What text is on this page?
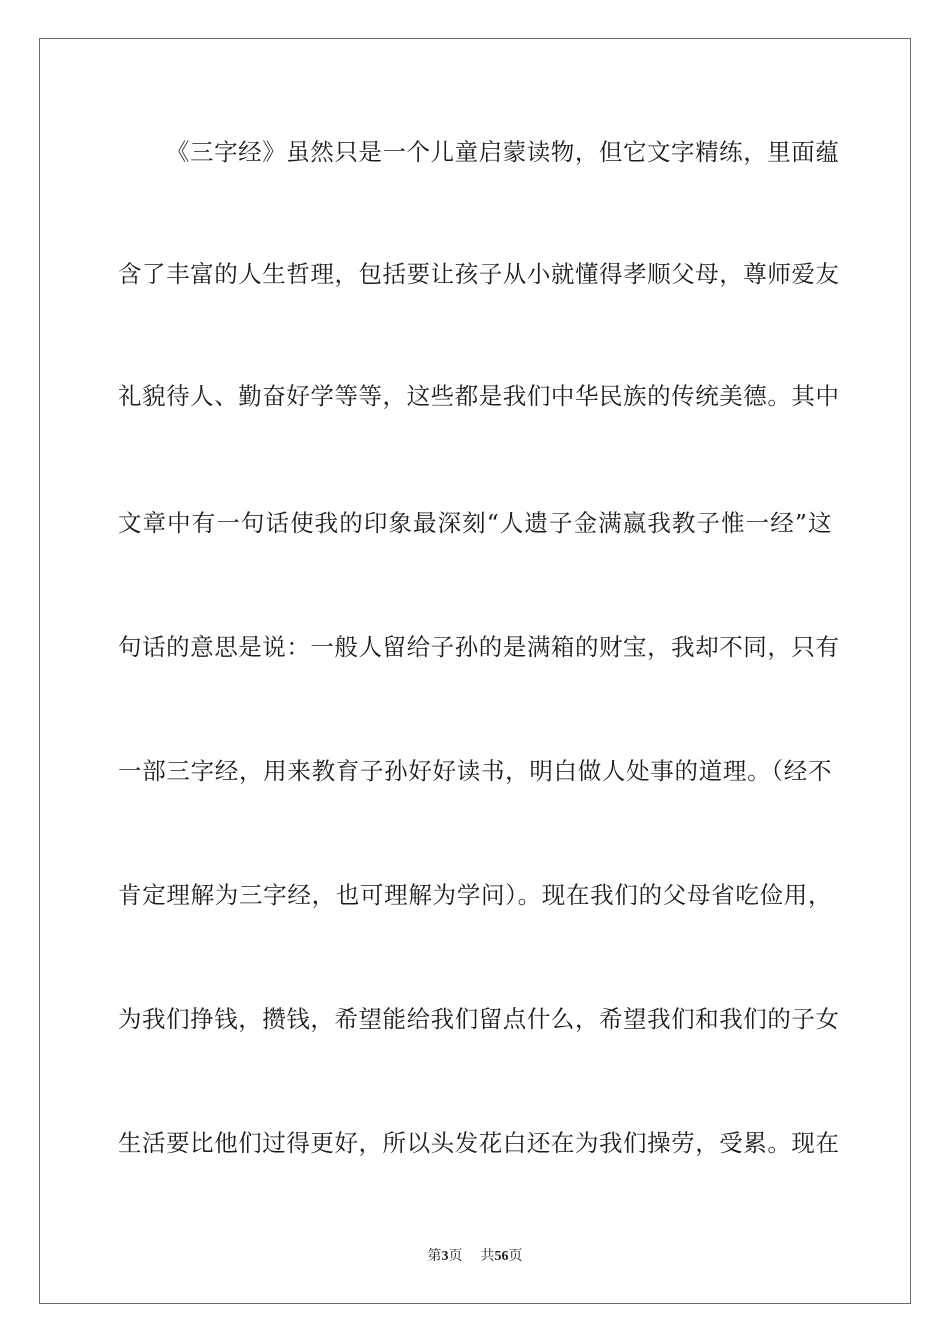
《三字经》虽然只是一个儿童启蒙读物，但它文字精练，里面蕴
含了丰富的人生哲理，包括要让孩子从小就懂得孝顺父母，尊师爱友
礼貌待人、勤奋好学等等，这些都是我们中华民族的传统美德。其中
文章中有一句话使我的印象最深刻“人遗子金满嬴我教子惟一经”这
句话的意思是说：一般人留给子孙的是满箱的财宝，我却不同，只有
一部三字经，用来教育子孙好好读书，明白做人处事的道理。（经不
肯定理解为三字经，也可理解为学问）。现在我们的父母省吃俭用，
为我们挣钱，攒钱，希望能给我们留点什么，希望我们和我们的子女
生活要比他们过得更好，所以头发花白还在为我们操劳，受累。现在
第3页 共56页
